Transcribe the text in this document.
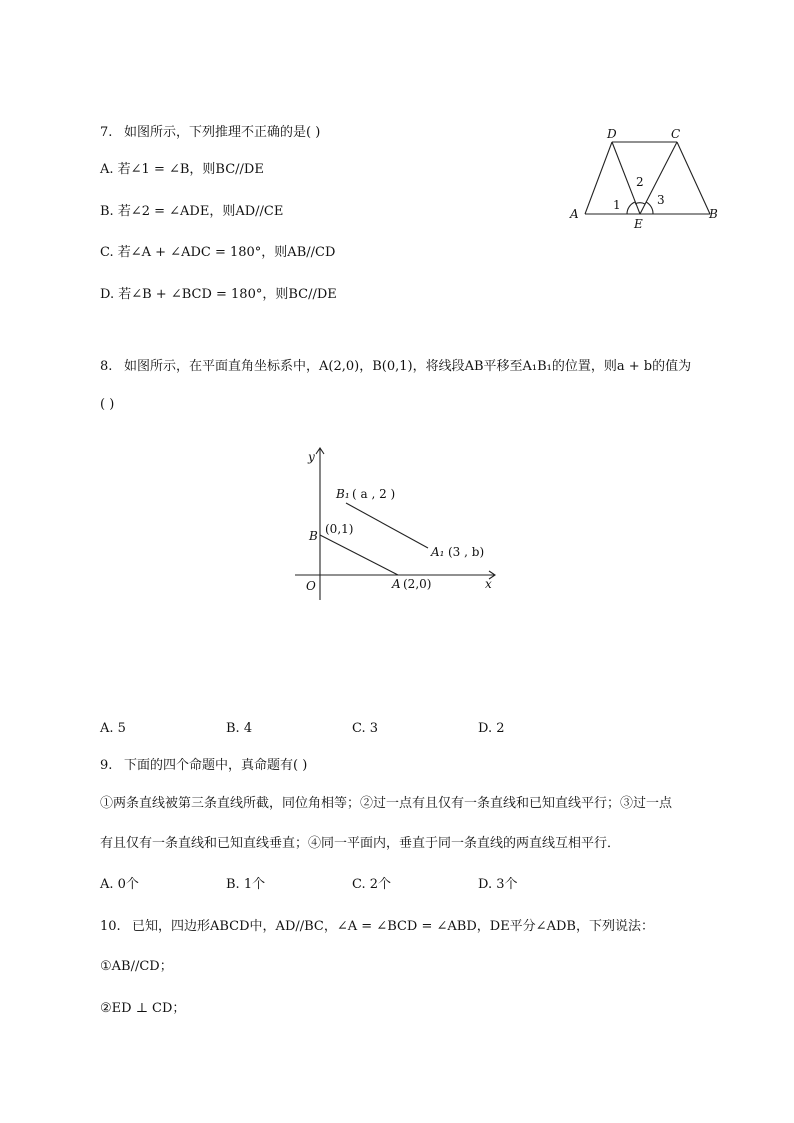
7. 如图所示，下列推理不正确的是( )
A. 若∠1 = ∠B，则BC//DE
B. 若∠2 = ∠ADE，则AD//CE
C. 若∠A + ∠ADC = 180°，则AB//CD
D. 若∠B + ∠BCD = 180°，则BC//DE
D	C
A	B
E
1
2
3
8. 如图所示，在平面直角坐标系中，A(2,0)，B(0,1)，将线段AB平移至A₁B₁的位置，则a + b的值为
( )
y
x
O
B (0,1)
A (2,0)
B₁ ( a , 2 )
A₁ (3 , b)
A. 5	B. 4	C. 3	D. 2
9. 下面的四个命题中，真命题有( )
①两条直线被第三条直线所截，同位角相等；②过一点有且仅有一条直线和已知直线平行；③过一点
有且仅有一条直线和已知直线垂直；④同一平面内，垂直于同一条直线的两直线互相平行．
A. 0个	B. 1个	C. 2个	D. 3个
10. 已知，四边形ABCD中，AD//BC，∠A = ∠BCD = ∠ABD，DE平分∠ADB，下列说法：
①AB//CD；
②ED ⊥ CD；
